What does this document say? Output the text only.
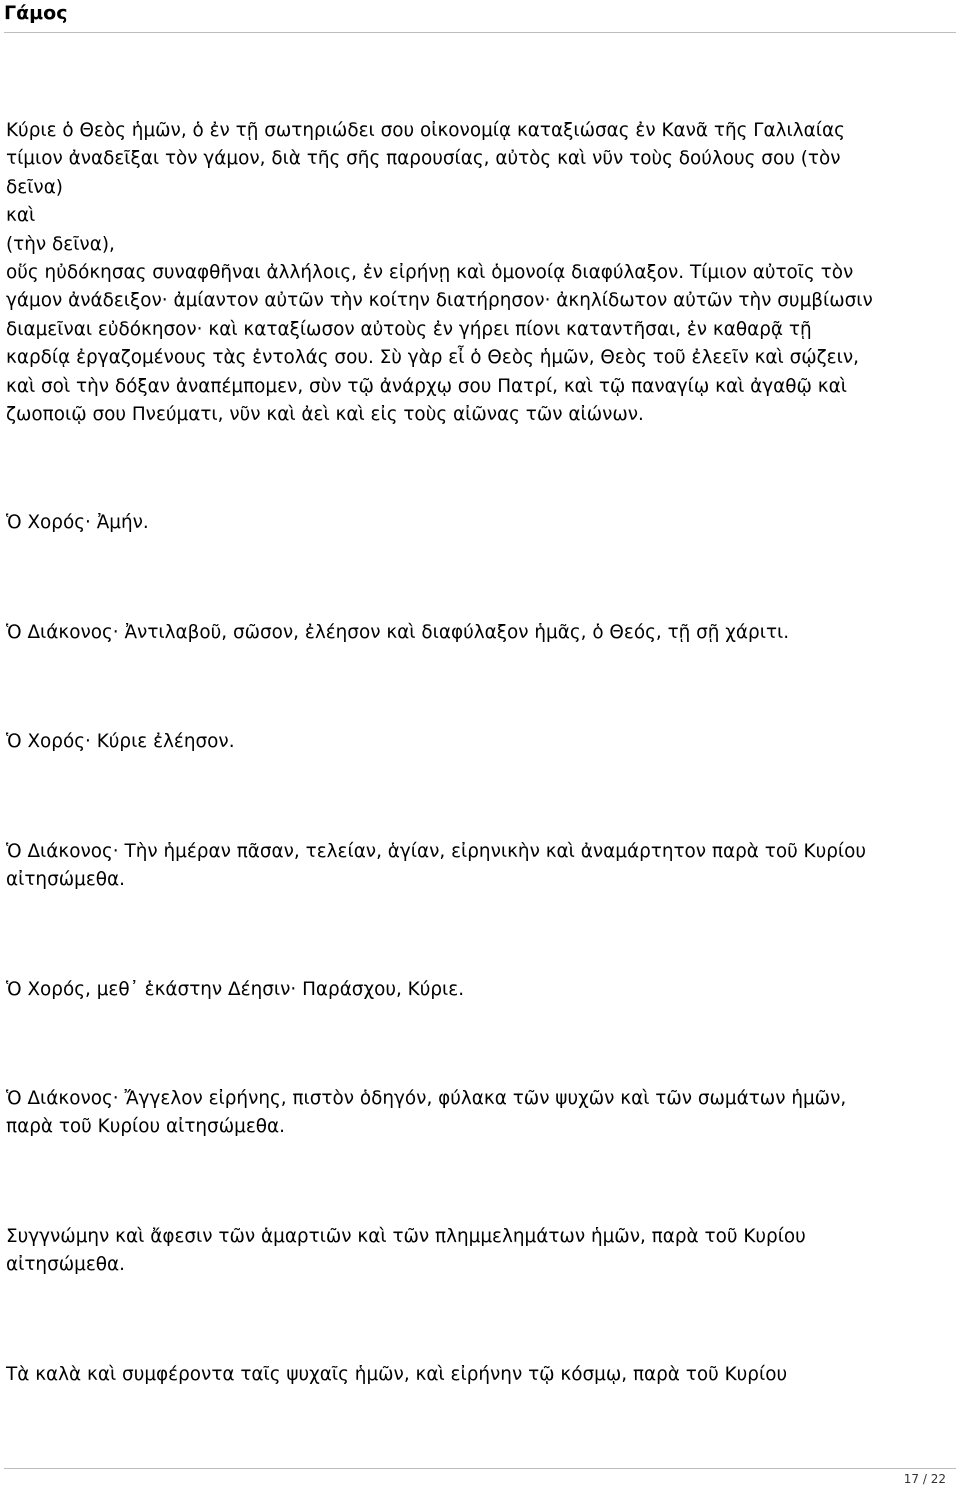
Γάμος

Κύριε ὁ Θεὸς ἡμῶν, ὁ ἐν τῇ σωτηριώδει σου οἰκονομίᾳ καταξιώσας ἐν Κανᾶ τῆς Γαλιλαίας
τίμιον ἀναδεῖξαι τὸν γάμον, διὰ τῆς σῆς παρουσίας, αὐτὸς καὶ νῦν τοὺς δούλους σου (τὸν
δεῖνα)
καὶ
(τὴν δεῖνα),
οὕς ηὐδόκησας συναφθῆναι ἀλλήλοις, ἐν εἰρήνῃ καὶ ὁμονοίᾳ διαφύλαξον. Τίμιον αὐτοῖς τὸν
γάμον ἀνάδειξον· ἀμίαντον αὐτῶν τὴν κοίτην διατήρησον· ἀκηλίδωτον αὐτῶν τὴν συμβίωσιν
διαμεῖναι εὐδόκησον· καὶ καταξίωσον αὐτοὺς ἐν γήρει πίονι καταντῆσαι, ἐν καθαρᾷ τῇ
καρδίᾳ ἐργαζομένους τὰς ἐντολάς σου. Σὺ γὰρ εἶ ὁ Θεὸς ἡμῶν, Θεὸς τοῦ ἐλεεῖν καὶ σῴζειν,
καὶ σοὶ τὴν δόξαν ἀναπέμπομεν, σὺν τῷ ἀνάρχῳ σου Πατρί, καὶ τῷ παναγίῳ καὶ ἀγαθῷ καὶ
ζωοποιῷ σου Πνεύματι, νῦν καὶ ἀεὶ καὶ εἰς τοὺς αἰῶνας τῶν αἰώνων.

Ὁ Χορός· Ἀμήν.

Ὁ Διάκονος· Ἀντιλαβοῦ, σῶσον, ἐλέησον καὶ διαφύλαξον ἡμᾶς, ὁ Θεός, τῇ σῇ χάριτι.

Ὁ Χορός· Κύριε ἐλέησον.

Ὁ Διάκονος· Τὴν ἡμέραν πᾶσαν, τελείαν, ἁγίαν, εἰρηνικὴν καὶ ἀναμάρτητον παρὰ τοῦ Κυρίου
αἰτησώμεθα.

Ὁ Χορός, μεθ᾽ ἑκάστην Δέησιν· Παράσχου, Κύριε.

Ὁ Διάκονος· Ἄγγελον εἰρήνης, πιστὸν ὁδηγόν, φύλακα τῶν ψυχῶν καὶ τῶν σωμάτων ἡμῶν,
παρὰ τοῦ Κυρίου αἰτησώμεθα.

Συγγνώμην καὶ ἄφεσιν τῶν ἁμαρτιῶν καὶ τῶν πλημμελημάτων ἡμῶν, παρὰ τοῦ Κυρίου
αἰτησώμεθα.

Τὰ καλὰ καὶ συμφέροντα ταῖς ψυχαῖς ἡμῶν, καὶ εἰρήνην τῷ κόσμῳ, παρὰ τοῦ Κυρίου

17 / 22
